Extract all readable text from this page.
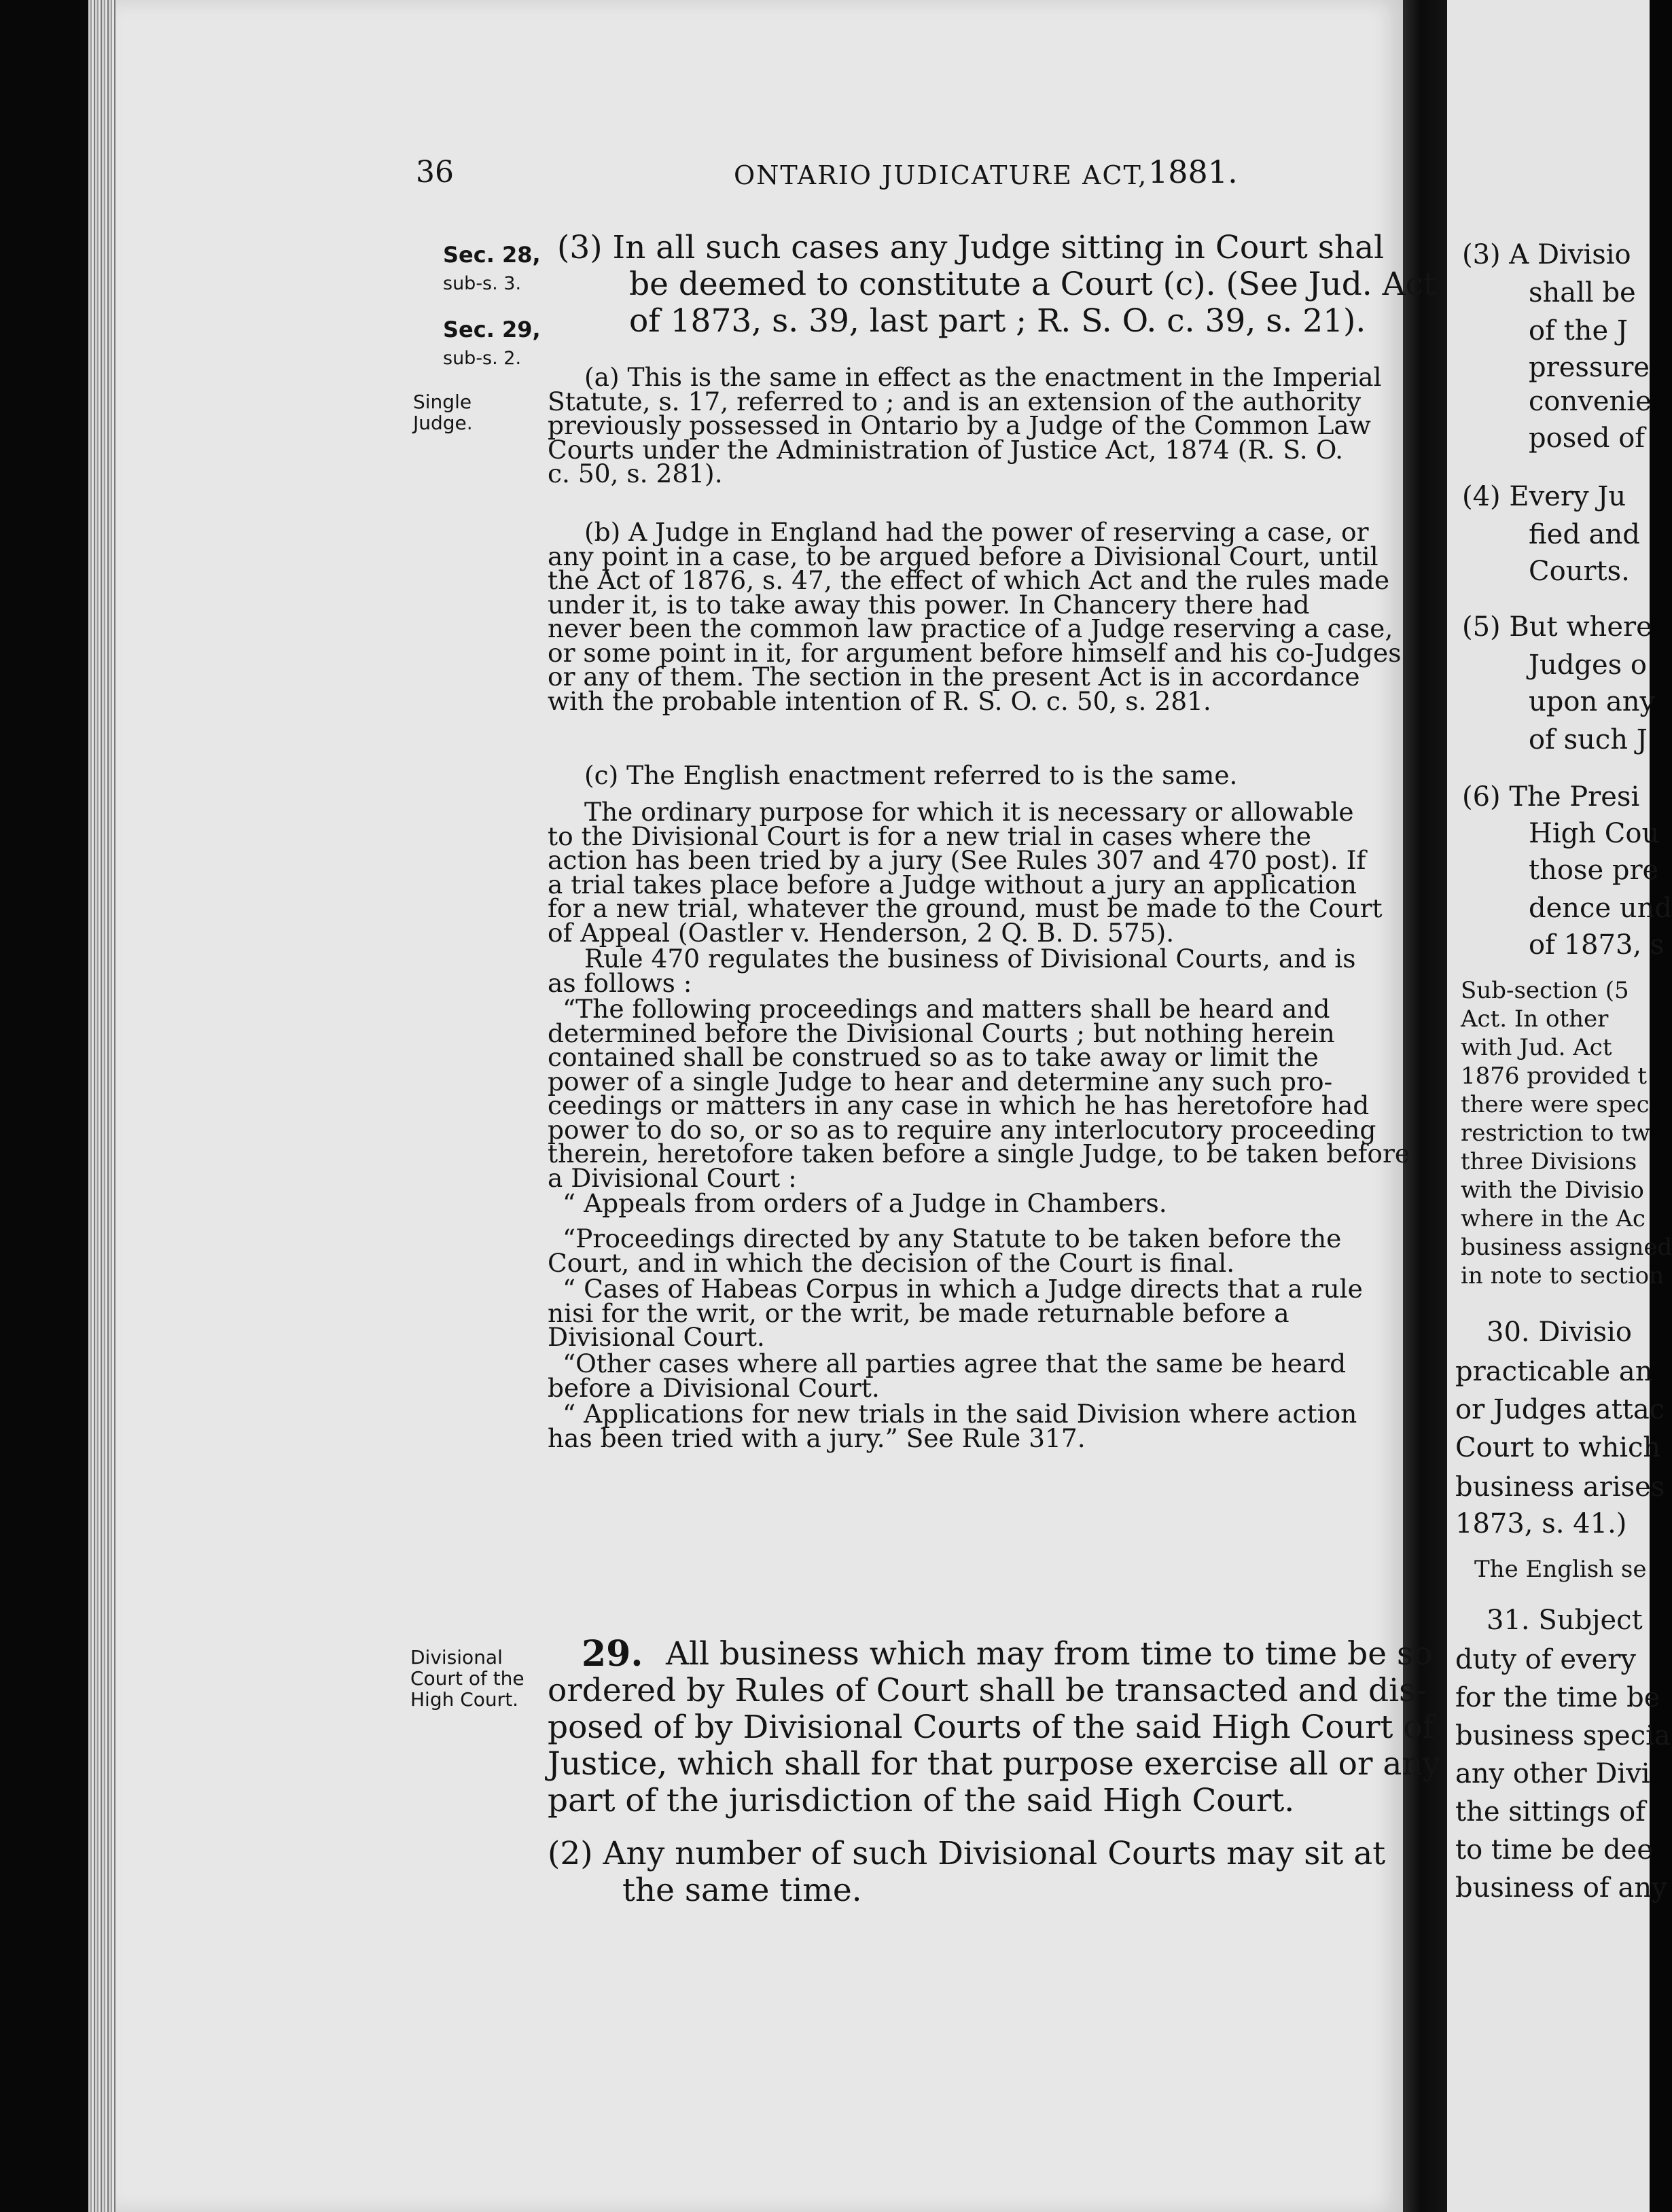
(3) A Divisio
shall be
of the J
pressure
convenie
posed of
(4) Every Ju
fied and
Courts.
(5) But where
Judges o
upon any
of such J
(6) The Presi
High Cou
those pre
dence und
of 1873, s
Sub-section (5
Act. In other
with Jud. Act
1876 provided t
there were spec
restriction to tw
three Divisions
with the Divisio
where in the Ac
business assigned
in note to section
30. Divisio
practicable an
or Judges attac
Court to which
business arises
1873, s. 41.)
The English se
31. Subject
duty of every
for the time be
business specia
any other Divi
the sittings of
to time be dee
business of any
36	ONTARIO JUDICATURE ACT, 1881.
Sec. 28,
sub-s. 3.
Sec. 29,
sub-s. 2.
Single
Judge.
Divisional
Court of the
High Court.
(3) In all such cases any Judge sitting in Court shal
be deemed to constitute a Court (c). (See Jud. Act
of 1873, s. 39, last part ; R. S. O. c. 39, s. 21).
(a) This is the same in effect as the enactment in the Imperial
Statute, s. 17, referred to ; and is an extension of the authority
previously possessed in Ontario by a Judge of the Common Law
Courts under the Administration of Justice Act, 1874 (R. S. O.
c. 50, s. 281).
(b) A Judge in England had the power of reserving a case, or
any point in a case, to be argued before a Divisional Court, until
the Act of 1876, s. 47, the effect of which Act and the rules made
under it, is to take away this power. In Chancery there had
never been the common law practice of a Judge reserving a case,
or some point in it, for argument before himself and his co-Judges
or any of them. The section in the present Act is in accordance
with the probable intention of R. S. O. c. 50, s. 281.
(c) The English enactment referred to is the same.
The ordinary purpose for which it is necessary or allowable
to the Divisional Court is for a new trial in cases where the
action has been tried by a jury (See Rules 307 and 470 post). If
a trial takes place before a Judge without a jury an application
for a new trial, whatever the ground, must be made to the Court
of Appeal (Oastler v. Henderson, 2 Q. B. D. 575).
Rule 470 regulates the business of Divisional Courts, and is
as follows :
“The following proceedings and matters shall be heard and
determined before the Divisional Courts ; but nothing herein
contained shall be construed so as to take away or limit the
power of a single Judge to hear and determine any such pro-
ceedings or matters in any case in which he has heretofore had
power to do so, or so as to require any interlocutory proceeding
therein, heretofore taken before a single Judge, to be taken before
a Divisional Court :
“ Appeals from orders of a Judge in Chambers.
“Proceedings directed by any Statute to be taken before the
Court, and in which the decision of the Court is final.
“ Cases of Habeas Corpus in which a Judge directs that a rule
nisi for the writ, or the writ, be made returnable before a
Divisional Court.
“Other cases where all parties agree that the same be heard
before a Divisional Court.
“ Applications for new trials in the said Division where action
has been tried with a jury.” See Rule 317.
All business which may from time to time be so
ordered by Rules of Court shall be transacted and dis-
posed of by Divisional Courts of the said High Court of
Justice, which shall for that purpose exercise all or any
part of the jurisdiction of the said High Court.
(2) Any number of such Divisional Courts may sit at
the same time.
29.
